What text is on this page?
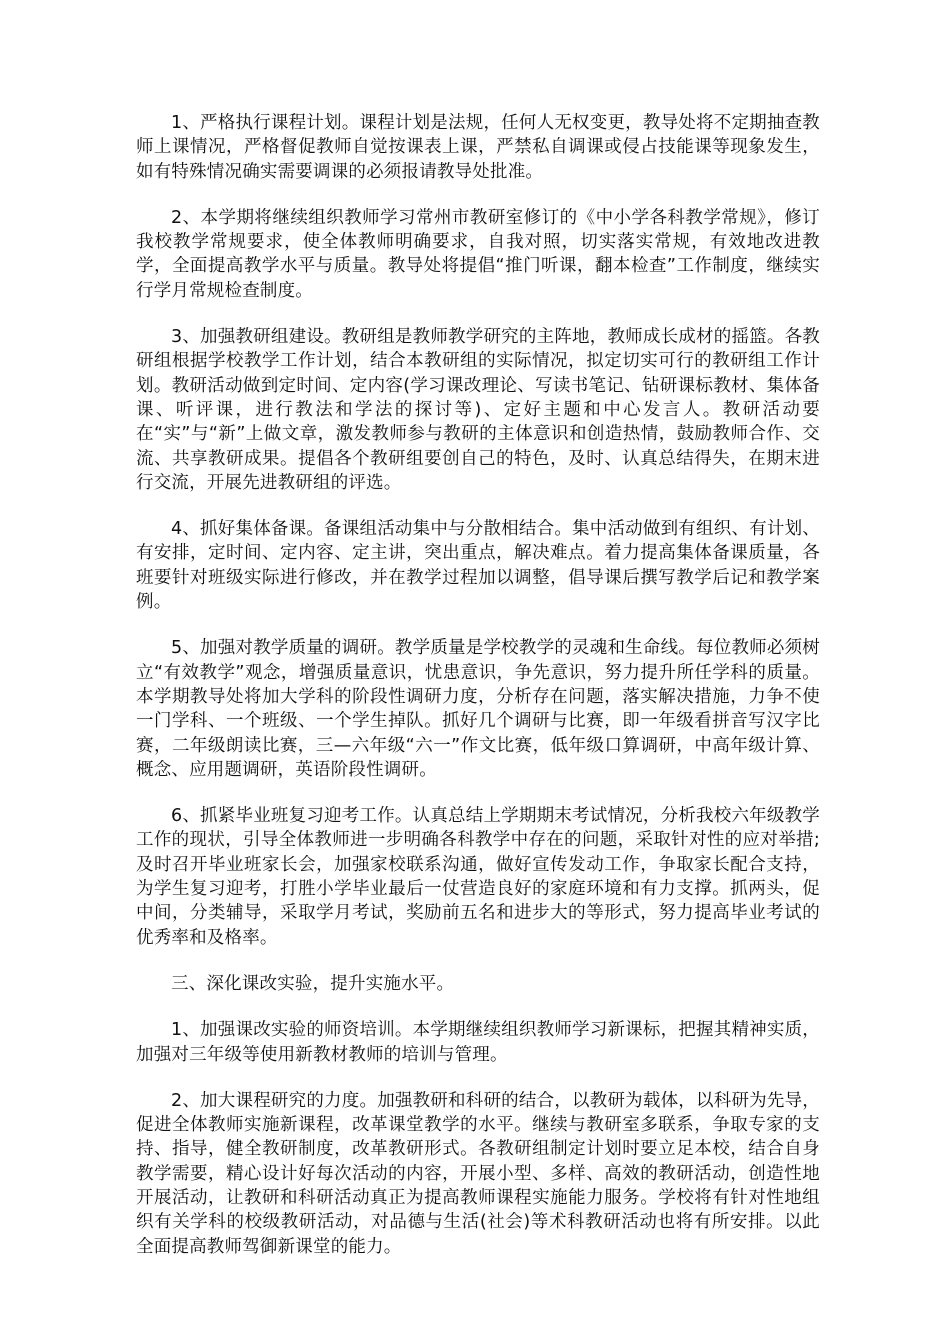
1、严格执行课程计划。课程计划是法规，任何人无权变更，教导处将不定期抽查教师上课情况，严格督促教师自觉按课表上课，严禁私自调课或侵占技能课等现象发生，如有特殊情况确实需要调课的必须报请教导处批准。

2、本学期将继续组织教师学习常州市教研室修订的《中小学各科教学常规》，修订我校教学常规要求，使全体教师明确要求，自我对照，切实落实常规，有效地改进教学，全面提高教学水平与质量。教导处将提倡“推门听课，翻本检查”工作制度，继续实行学月常规检查制度。

3、加强教研组建设。教研组是教师教学研究的主阵地，教师成长成材的摇篮。各教研组根据学校教学工作计划，结合本教研组的实际情况，拟定切实可行的教研组工作计划。教研活动做到定时间、定内容(学习课改理论、写读书笔记、钻研课标教材、集体备课、听评课，进行教法和学法的探讨等)、定好主题和中心发言人。教研活动要在“实”与“新”上做文章，激发教师参与教研的主体意识和创造热情，鼓励教师合作、交流、共享教研成果。提倡各个教研组要创自己的特色，及时、认真总结得失，在期末进行交流，开展先进教研组的评选。

4、抓好集体备课。备课组活动集中与分散相结合。集中活动做到有组织、有计划、有安排，定时间、定内容、定主讲，突出重点，解决难点。着力提高集体备课质量，各班要针对班级实际进行修改，并在教学过程加以调整，倡导课后撰写教学后记和教学案例。

5、加强对教学质量的调研。教学质量是学校教学的灵魂和生命线。每位教师必须树立“有效教学”观念，增强质量意识，忧患意识，争先意识，努力提升所任学科的质量。本学期教导处将加大学科的阶段性调研力度，分析存在问题，落实解决措施，力争不使一门学科、一个班级、一个学生掉队。抓好几个调研与比赛，即一年级看拼音写汉字比赛，二年级朗读比赛，三—六年级“六一”作文比赛，低年级口算调研，中高年级计算、概念、应用题调研，英语阶段性调研。

6、抓紧毕业班复习迎考工作。认真总结上学期期末考试情况，分析我校六年级教学工作的现状，引导全体教师进一步明确各科教学中存在的问题，采取针对性的应对举措;及时召开毕业班家长会，加强家校联系沟通，做好宣传发动工作，争取家长配合支持，为学生复习迎考，打胜小学毕业最后一仗营造良好的家庭环境和有力支撑。抓两头，促中间，分类辅导，采取学月考试，奖励前五名和进步大的等形式，努力提高毕业考试的优秀率和及格率。

三、深化课改实验，提升实施水平。

1、加强课改实验的师资培训。本学期继续组织教师学习新课标，把握其精神实质，加强对三年级等使用新教材教师的培训与管理。

2、加大课程研究的力度。加强教研和科研的结合，以教研为载体，以科研为先导，促进全体教师实施新课程，改革课堂教学的水平。继续与教研室多联系，争取专家的支持、指导，健全教研制度，改革教研形式。各教研组制定计划时要立足本校，结合自身教学需要，精心设计好每次活动的内容，开展小型、多样、高效的教研活动，创造性地开展活动，让教研和科研活动真正为提高教师课程实施能力服务。学校将有针对性地组织有关学科的校级教研活动，对品德与生活(社会)等术科教研活动也将有所安排。以此全面提高教师驾御新课堂的能力。
